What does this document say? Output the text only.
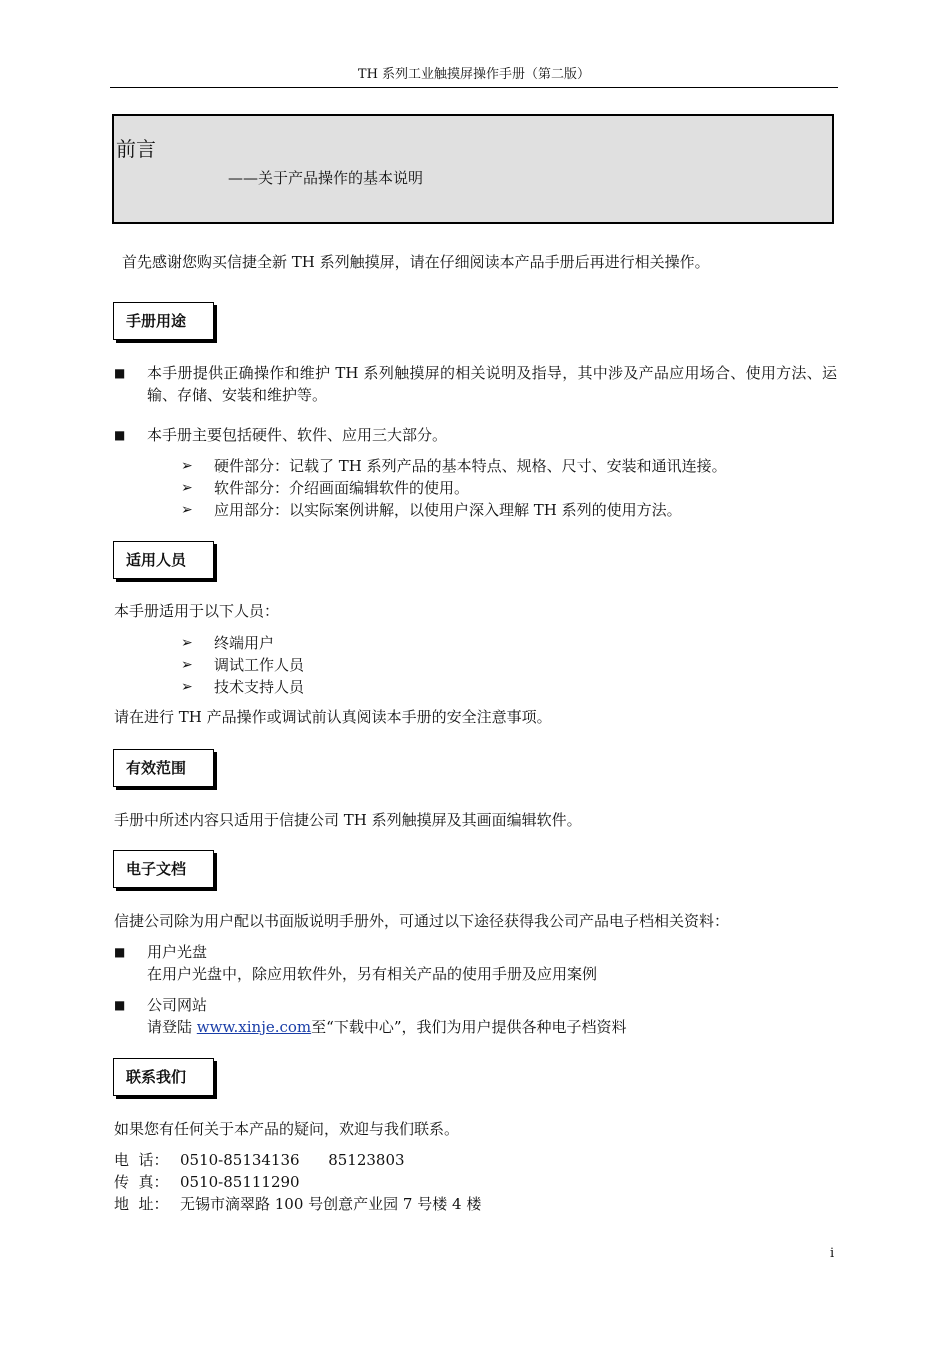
TH 系列工业触摸屏操作手册（第二版）
前言
——关于产品操作的基本说明
首先感谢您购买信捷全新 TH 系列触摸屏，请在仔细阅读本产品手册后再进行相关操作。
手册用途
■ 本手册提供正确操作和维护 TH 系列触摸屏的相关说明及指导，其中涉及产品应用场合、使用方法、运输、存储、安装和维护等。
■ 本手册主要包括硬件、软件、应用三大部分。
➢ 硬件部分：记载了 TH 系列产品的基本特点、规格、尺寸、安装和通讯连接。
➢ 软件部分：介绍画面编辑软件的使用。
➢ 应用部分：以实际案例讲解，以使用户深入理解 TH 系列的使用方法。
适用人员
本手册适用于以下人员：
➢ 终端用户
➢ 调试工作人员
➢ 技术支持人员
请在进行 TH 产品操作或调试前认真阅读本手册的安全注意事项。
有效范围
手册中所述内容只适用于信捷公司 TH 系列触摸屏及其画面编辑软件。
电子文档
信捷公司除为用户配以书面版说明手册外，可通过以下途径获得我公司产品电子档相关资料：
■ 用户光盘
在用户光盘中，除应用软件外，另有相关产品的使用手册及应用案例
■ 公司网站
请登陆 www.xinje.com至“下载中心”，我们为用户提供各种电子档资料
联系我们
如果您有任何关于本产品的疑问，欢迎与我们联系。
电  话： 0510-85134136      85123803
传  真： 0510-85111290
地  址： 无锡市滴翠路 100 号创意产业园 7 号楼 4 楼
i
